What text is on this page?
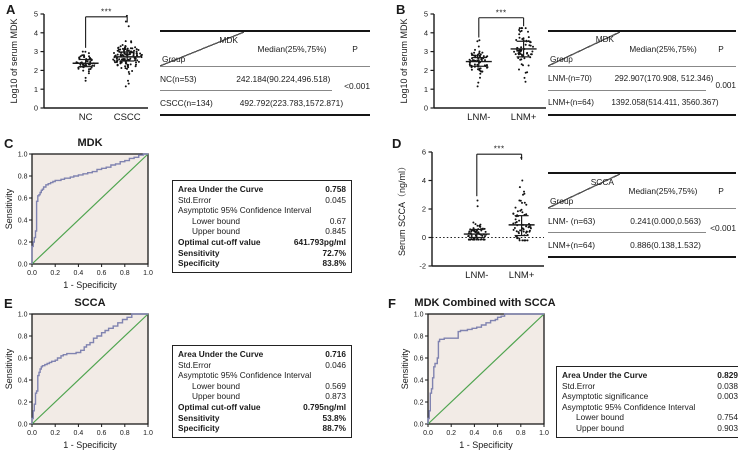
A	B
C	D
E	F
MDK
SCCA	MDK Combined with SCCA
0
1
2
3
4
5
Log10 of serum MDK
NC CSCC
***
0
1
2
3
4
5
Log10 of serum MDK
LNM- LNM+
***
-2
0
2
4
6
Serum SCCA（ng/ml）
LNM- LNM+
***
0.0
0.0
0.2
0.2
0.4
0.4
0.6
0.6
0.8
0.8
1.0
1.0
Sensitivity
1 - Specificity
0.0
0.0
0.2
0.2
0.4
0.4
0.6
0.6
0.8
0.8
1.0
1.0
Sensitivity
1 - Specificity
0.0
0.0
0.2
0.2
0.4
0.4
0.6
0.6
0.8
0.8
1.0
1.0
Sensitivity
1 - Specificity
MDK
Group
Median(25%,75%)	P
NC(n=53)	242.184(90.224,496.518)
CSCC(n=134)	492.792(223.783,1572.871)
<0.001
MDK
Group
Median(25%,75%)	P
LNM-(n=70)	292.907(170.908, 512.346)
LNM+(n=64)	1392.058(514.411, 3560.367)
0.001
SCCA
Group
Median(25%,75%)	P
LNM- (n=63)	0.241(0.000,0.563)
LNM+(n=64)	0.886(0.138,1.532)
<0.001
Area Under the Curve	0.758
Std.Error	0.045
Asymptotic 95% Confidence Interval
Lower bound	0.67
Upper bound	0.845
Optimal cut-off value	641.793pg/ml
Sensitivity	72.7%
Specificity	83.8%
Area Under the Curve	0.716
Std.Error	0.046
Asymptotic 95% Confidence Interval
Lower bound	0.569
Upper bound	0.873
Optimal cut-off value	0.795ng/ml
Sensitivity	53.8%
Specificity	88.7%
Area Under the Curve	0.829
Std.Error	0.038
Asymptotic significance	0.003
Asymptotic 95% Confidence Interval
Lower bound	0.754
Upper bound	0.903
